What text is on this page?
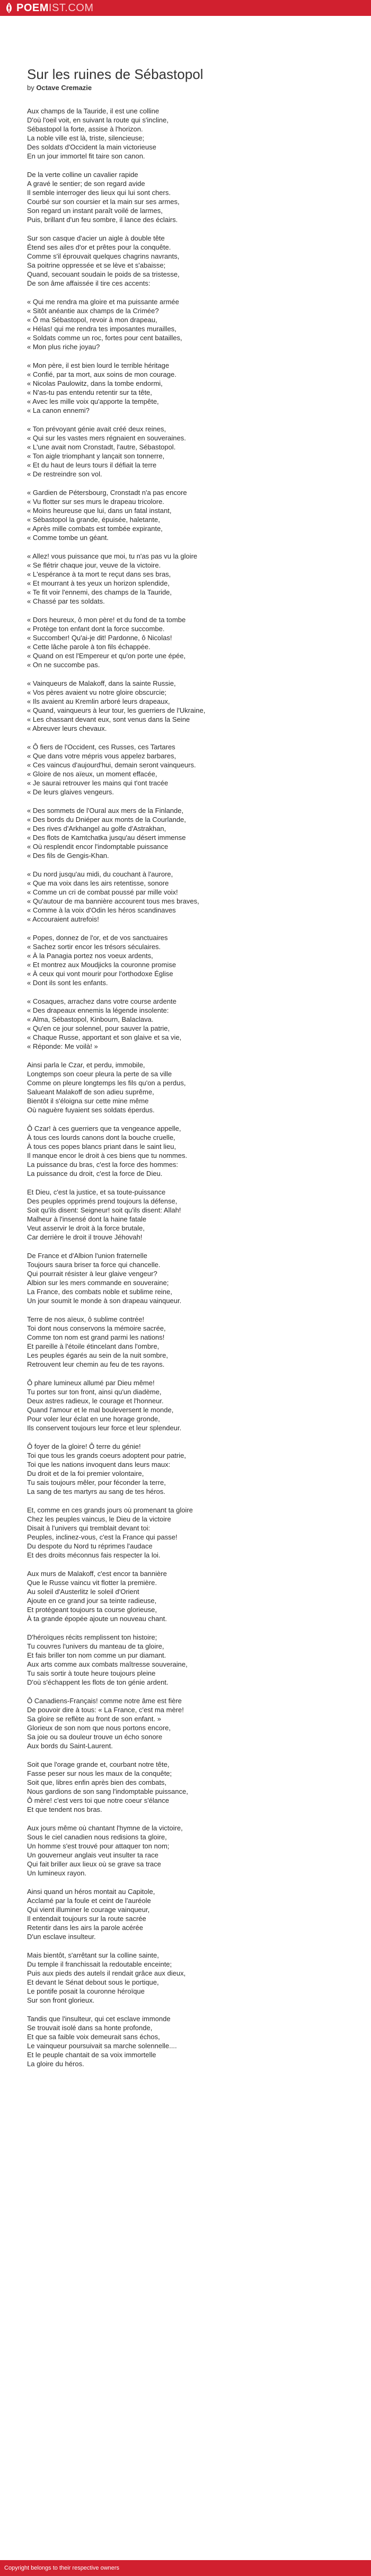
POEM IST.COM
Sur les ruines de Sébastopol
by Octave Cremazie
Aux champs de la Tauride, il est une colline
D'où l'oeil voit, en suivant la route qui s'incline,
Sébastopol la forte, assise à l'horizon.
La noble ville est là, triste, silencieuse;
Des soldats d'Occident la main victorieuse
En un jour immortel fit taire son canon.
De la verte colline un cavalier rapide
A gravé le sentier; de son regard avide
Il semble interroger des lieux qui lui sont chers.
Courbé sur son coursier et la main sur ses armes,
Son regard un instant paraît voilé de larmes,
Puis, brillant d'un feu sombre, il lance des éclairs.
Sur son casque d'acier un aigle à double tête
Étend ses ailes d'or et prêtes pour la conquête.
Comme s'il éprouvait quelques chagrins navrants,
Sa poitrine oppressée et se lève et s'abaisse;
Quand, secouant soudain le poids de sa tristesse,
De son âme affaissée il tire ces accents:
« Qui me rendra ma gloire et ma puissante armée
« Sitôt anéantie aux champs de la Crimée?
« Ô ma Sébastopol, revoir à mon drapeau,
« Hélas! qui me rendra tes imposantes murailles,
« Soldats comme un roc, fortes pour cent batailles,
« Mon plus riche joyau?
« Mon père, il est bien lourd le terrible héritage
« Confié, par ta mort, aux soins de mon courage.
« Nicolas Paulowitz, dans la tombe endormi,
« N'as-tu pas entendu retentir sur ta tête,
« Avec les mille voix qu'apporte la tempête,
« La canon ennemi?
« Ton prévoyant génie avait créé deux reines,
« Qui sur les vastes mers régnaient en souveraines.
« L'une avait nom Cronstadt, l'autre, Sébastopol.
« Ton aigle triomphant y lançait son tonnerre,
« Et du haut de leurs tours il défiait la terre
« De restreindre son vol.
« Gardien de Pétersbourg, Cronstadt n'a pas encore
« Vu flotter sur ses murs le drapeau tricolore.
« Moins heureuse que lui, dans un fatal instant,
« Sébastopol la grande, épuisée, haletante,
« Après mille combats est tombée expirante,
« Comme tombe un géant.
« Allez! vous puissance que moi, tu n'as pas vu la gloire
« Se flétrir chaque jour, veuve de la victoire.
« L'espérance à ta mort te reçut dans ses bras,
« Et mourrant à tes yeux un horizon splendide,
« Te fit voir l'ennemi, des champs de la Tauride,
« Chassé par tes soldats.
« Dors heureux, ô mon père! et du fond de ta tombe
« Protège ton enfant dont la force succombe.
« Succomber! Qu'ai-je dit! Pardonne, ô Nicolas!
« Cette lâche parole à ton fils échappée.
« Quand on est l'Empereur et qu'on porte une épée,
« On ne succombe pas.
« Vainqueurs de Malakoff, dans la sainte Russie,
« Vos pères avaient vu notre gloire obscurcie;
« Ils avaient au Kremlin arboré leurs drapeaux,
« Quand, vainqueurs à leur tour, les guerriers de l'Ukraine,
« Les chassant devant eux, sont venus dans la Seine
« Abreuver leurs chevaux.
« Ô fiers de l'Occident, ces Russes, ces Tartares
« Que dans votre mépris vous appelez barbares,
« Ces vaincus d'aujourd'hui, demain seront vainqueurs.
« Gloire de nos aïeux, un moment effacée,
« Je saurai retrouver les mains qui t'ont tracée
« De leurs glaives vengeurs.
« Des sommets de l'Oural aux mers de la Finlande,
« Des bords du Dniéper aux monts de la Courlande,
« Des rives d'Arkhangel au golfe d'Astrakhan,
« Des flots de Kamtchatka jusqu'au désert immense
« Où resplendit encor l'indomptable puissance
« Des fils de Gengis-Khan.
« Du nord jusqu'au midi, du couchant à l'aurore,
« Que ma voix dans les airs retentisse, sonore
« Comme un cri de combat poussé par mille voix!
« Qu'autour de ma bannière accourent tous mes braves,
« Comme à la voix d'Odin les héros scandinaves
« Accouraient autrefois!
« Popes, donnez de l'or, et de vos sanctuaires
« Sachez sortir encor les trésors séculaires.
« À la Panagia portez nos voeux ardents,
« Et montrez aux Moudjicks la couronne promise
« À ceux qui vont mourir pour l'orthodoxe Église
« Dont ils sont les enfants.
« Cosaques, arrachez dans votre course ardente
« Des drapeaux ennemis la légende insolente:
« Alma, Sébastopol, Kinbourn, Balaclava.
« Qu'en ce jour solennel, pour sauver la patrie,
« Chaque Russe, apportant et son glaive et sa vie,
« Réponde: Me voilà! »
Ainsi parla le Czar, et perdu, immobile,
Longtemps son coeur pleura la perte de sa ville
Comme on pleure longtemps les fils qu'on a perdus,
Salueant Malakoff de son adieu suprême,
Bientôt il s'éloigna sur cette mine même
Où naguère fuyaient ses soldats éperdus.
Ô Czar! à ces guerriers que ta vengeance appelle,
À tous ces lourds canons dont la bouche cruelle,
À tous ces popes blancs priant dans le saint lieu,
Il manque encor le droit à ces biens que tu nommes.
La puissance du bras, c'est la force des hommes:
La puissance du droit, c'est la force de Dieu.
Et Dieu, c'est la justice, et sa toute-puissance
Des peuples opprimés prend toujours la défense,
Soit qu'ils disent: Seigneur! soit qu'ils disent: Allah!
Malheur à l'insensé dont la haine fatale
Veut asservir le droit à la force brutale,
Car derrière le droit il trouve Jéhovah!
De France et d'Albion l'union fraternelle
Toujours saura briser ta force qui chancelle.
Qui pourrait résister à leur glaive vengeur?
Albion sur les mers commande en souveraine;
La France, des combats noble et sublime reine,
Un jour soumit le monde à son drapeau vainqueur.
Terre de nos aïeux, ô sublime contrée!
Toi dont nous conservons la mémoire sacrée,
Comme ton nom est grand parmi les nations!
Et pareille à l'étoile étincelant dans l'ombre,
Les peuples égarés au sein de la nuit sombre,
Retrouvent leur chemin au feu de tes rayons.
Ô phare lumineux allumé par Dieu même!
Tu portes sur ton front, ainsi qu'un diadème,
Deux astres radieux, le courage et l'honneur.
Quand l'amour et le mal bouleversent le monde,
Pour voler leur éclat en une horage gronde,
Ils conservent toujours leur force et leur splendeur.
Ô foyer de la gloire! Ô terre du génie!
Toi que tous les grands coeurs adoptent pour patrie,
Toi que les nations invoquent dans leurs maux:
Du droit et de la foi premier volontaire,
Tu sais toujours mêler, pour féconder la terre,
La sang de tes martyrs au sang de tes héros.
Et, comme en ces grands jours où promenant ta gloire
Chez les peuples vaincus, le Dieu de la victoire
Disait à l'univers qui tremblait devant toi:
Peuples, inclinez-vous, c'est la France qui passe!
Du despote du Nord tu réprimes l'audace
Et des droits méconnus fais respecter la loi.
Aux murs de Malakoff, c'est encor ta bannière
Que le Russe vaincu vit flotter la première.
Au soleil d'Austerlitz le soleil d'Orient
Ajoute en ce grand jour sa teinte radieuse,
Et protégeant toujours ta course glorieuse,
À ta grande épopée ajoute un nouveau chant.
D'héroïques récits remplissent ton histoire;
Tu couvres l'univers du manteau de ta gloire,
Et fais briller ton nom comme un pur diamant.
Aux arts comme aux combats maîtresse souveraine,
Tu sais sortir à toute heure toujours pleine
D'où s'échappent les flots de ton génie ardent.
Ô Canadiens-Français! comme notre âme est fière
De pouvoir dire à tous: « La France, c'est ma mère!
Sa gloire se reflète au front de son enfant. »
Glorieux de son nom que nous portons encore,
Sa joie ou sa douleur trouve un écho sonore
Aux bords du Saint-Laurent.
Soit que l'orage grande et, courbant notre tête,
Fasse peser sur nous les maux de la conquête;
Soit que, libres enfin après bien des combats,
Nous gardions de son sang l'indomptable puissance,
Ô mère! c'est vers toi que notre coeur s'élance
Et que tendent nos bras.
Aux jours même où chantant l'hymne de la victoire,
Sous le ciel canadien nous redisions ta gloire,
Un homme s'est trouvé pour attaquer ton nom;
Un gouverneur anglais veut insulter ta race
Qui fait briller aux lieux où se grave sa trace
Un lumineux rayon.
Ainsi quand un héros montait au Capitole,
Acclamé par la foule et ceint de l'auréole
Qui vient illuminer le courage vainqueur,
Il entendait toujours sur la route sacrée
Retentir dans les airs la parole acérée
D'un esclave insulteur.
Mais bientôt, s'arrêtant sur la colline sainte,
Du temple il franchissait la redoutable enceinte;
Puis aux pieds des autels il rendait grâce aux dieux,
Et devant le Sénat debout sous le portique,
Le pontife posait la couronne héroïque
Sur son front glorieux.
Tandis que l'insulteur, qui cet esclave immonde
Se trouvait isolé dans sa honte profonde,
Et que sa faible voix demeurait sans échos,
Le vainqueur poursuivait sa marche solennelle....
Et le peuple chantait de sa voix immortelle
La gloire du héros.
Copyright belongs to their respective owners
